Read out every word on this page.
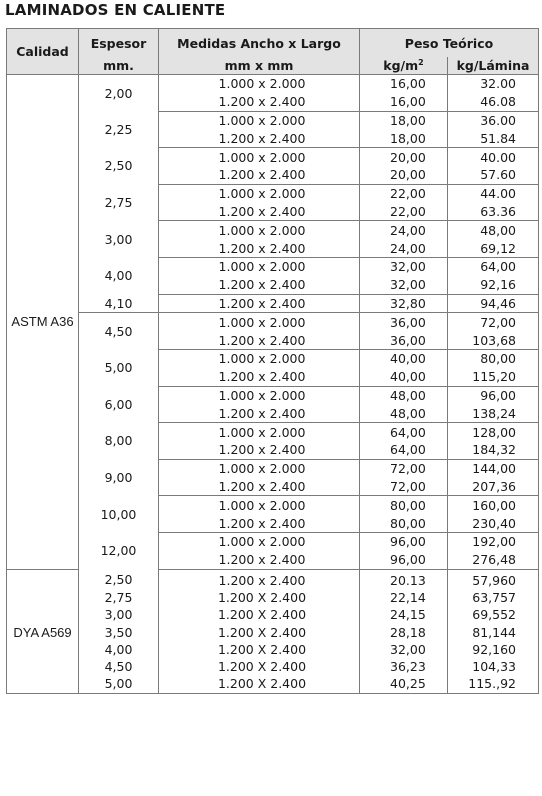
LAMINADOS EN CALIENTE
Calidad	Espesor	Medidas Ancho x Largo	Peso Teórico	
	mm.	mm x mm	$kg/m^2$	kg/Lámina
ASTM A36	2,00	1.000 x 2.000	16,00	32.00
		1.200 x 2.400	16,00	46.08
	2,25	1.000 x 2.000	18,00	36.00
		1.200 x 2.400	18,00	51.84
	2,50	1.000 x 2.000	20,00	40.00
		1.200 x 2.400	20,00	57.60
	2,75	1.000 x 2.000	22,00	44.00
		1.200 x 2.400	22,00	63.36
	3,00	1.000 x 2.000	24,00	48,00
		1.200 x 2.400	24,00	69,12
	4,00	1.000 x 2.000	32,00	64,00
		1.200 x 2.400	32,00	92,16
	4,10	1.200 x 2.400	32,80	94,46
	4,50	1.000 x 2.000	36,00	72,00
		1.200 x 2.400	36,00	103,68
	5,00	1.000 x 2.000	40,00	80,00
		1.200 x 2.400	40,00	115,20
	6,00	1.000 x 2.000	48,00	96,00
		1.200 x 2.400	48,00	138,24
	8,00	1.000 x 2.000	64,00	128,00
		1.200 x 2.400	64,00	184,32
	9,00	1.000 x 2.000	72,00	144,00
		1.200 x 2.400	72,00	207,36
	10,00	1.000 x 2.000	80,00	160,00
		1.200 x 2.400	80,00	230,40
	12,00	1.000 x 2.000	96,00	192,00
		1.200 x 2.400	96,00	276,48
DYA A569	2,50	1.200 x 2.400	20.13	57,960
	2,75	1.200 X 2.400	22,14	63,757
	3,00	1.200 X 2.400	24,15	69,552
	3,50	1.200 X 2.400	28,18	81,144
	4,00	1.200 X 2.400	32,00	92,160
	4,50	1.200 X 2.400	36,23	104,33
	5,00	1.200 X 2.400	40,25	115.,92
